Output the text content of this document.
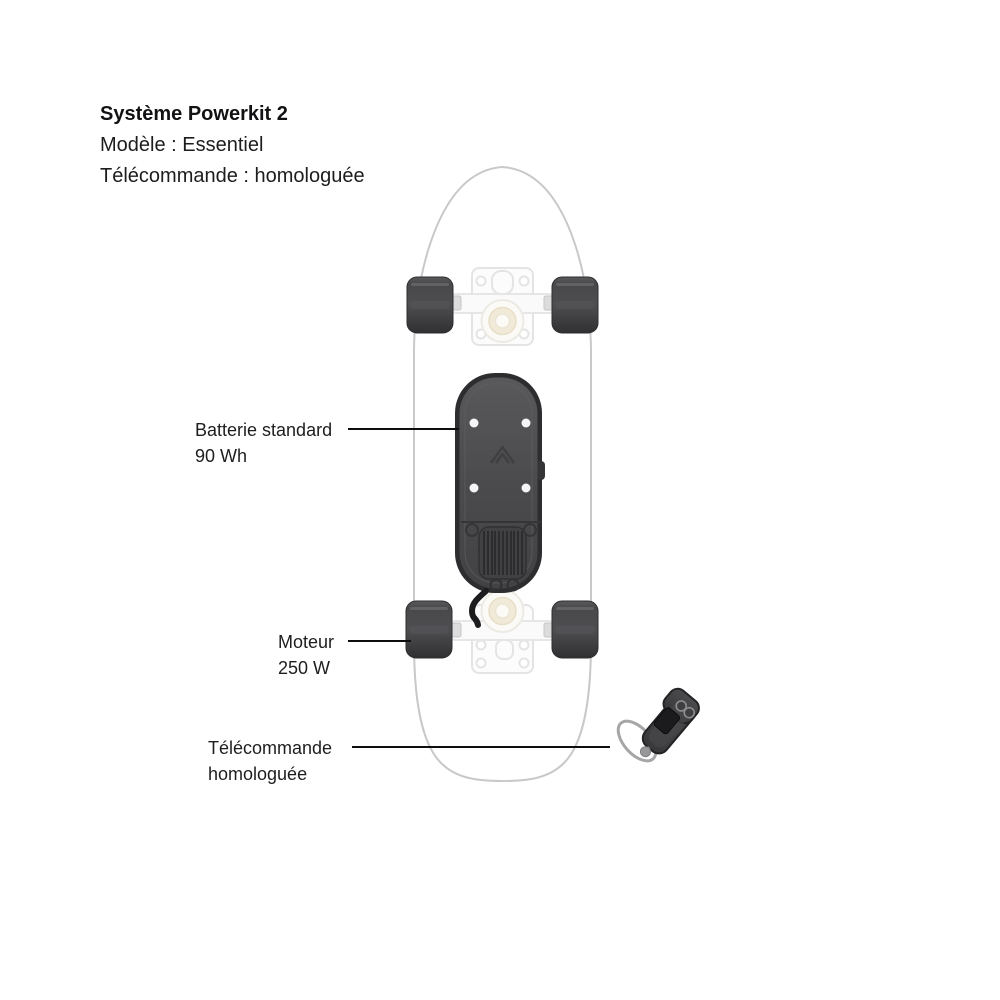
Système Powerkit 2
Modèle : Essentiel
Télécommande : homologuée
Batterie standard
90 Wh
Moteur
250 W
Télécommande
homologuée
